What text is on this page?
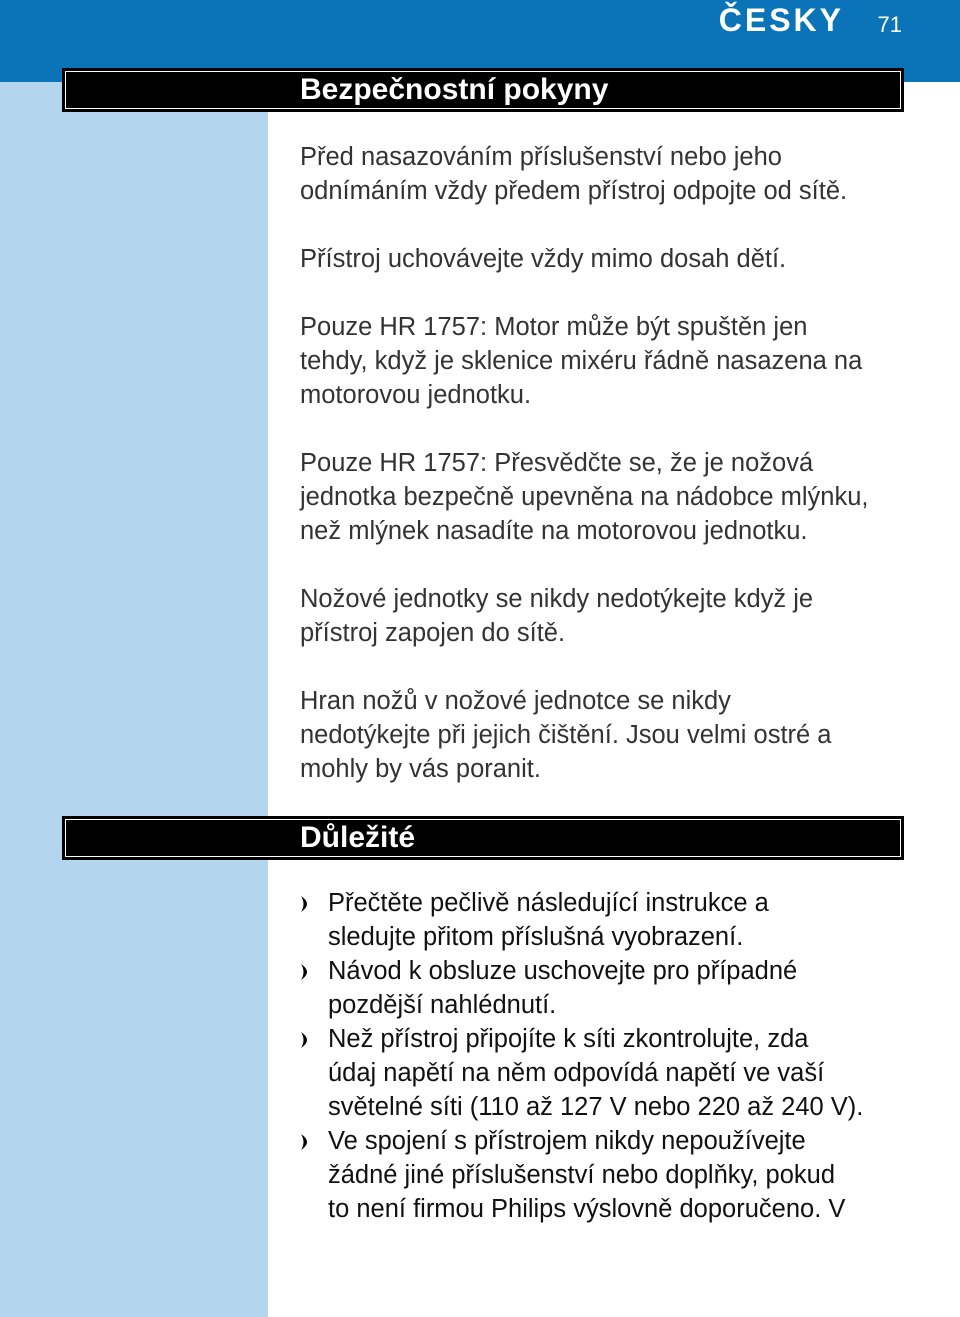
ČESKY 71
Bezpečnostní pokyny

Před nasazováním příslušenství nebo jeho
odnímáním vždy předem přístroj odpojte od sítě.

Přístroj uchovávejte vždy mimo dosah dětí.

Pouze HR 1757: Motor může být spuštěn jen
tehdy, když je sklenice mixéru řádně nasazena na
motorovou jednotku.

Pouze HR 1757: Přesvědčte se, že je nožová
jednotka bezpečně upevněna na nádobce mlýnku,
než mlýnek nasadíte na motorovou jednotku.

Nožové jednotky se nikdy nedotýkejte když je
přístroj zapojen do sítě.

Hran nožů v nožové jednotce se nikdy
nedotýkejte při jejich čištění. Jsou velmi ostré a
mohly by vás poranit.

Důležité
Přečtěte pečlivě následující instrukce a
sledujte přitom příslušná vyobrazení.
Návod k obsluze uschovejte pro případné
pozdější nahlédnutí.
Než přístroj připojíte k síti zkontrolujte, zda
údaj napětí na něm odpovídá napětí ve vaší
světelné síti (110 až 127 V nebo 220 až 240 V).
Ve spojení s přístrojem nikdy nepoužívejte
žádné jiné příslušenství nebo doplňky, pokud
to není firmou Philips výslovně doporučeno. V
